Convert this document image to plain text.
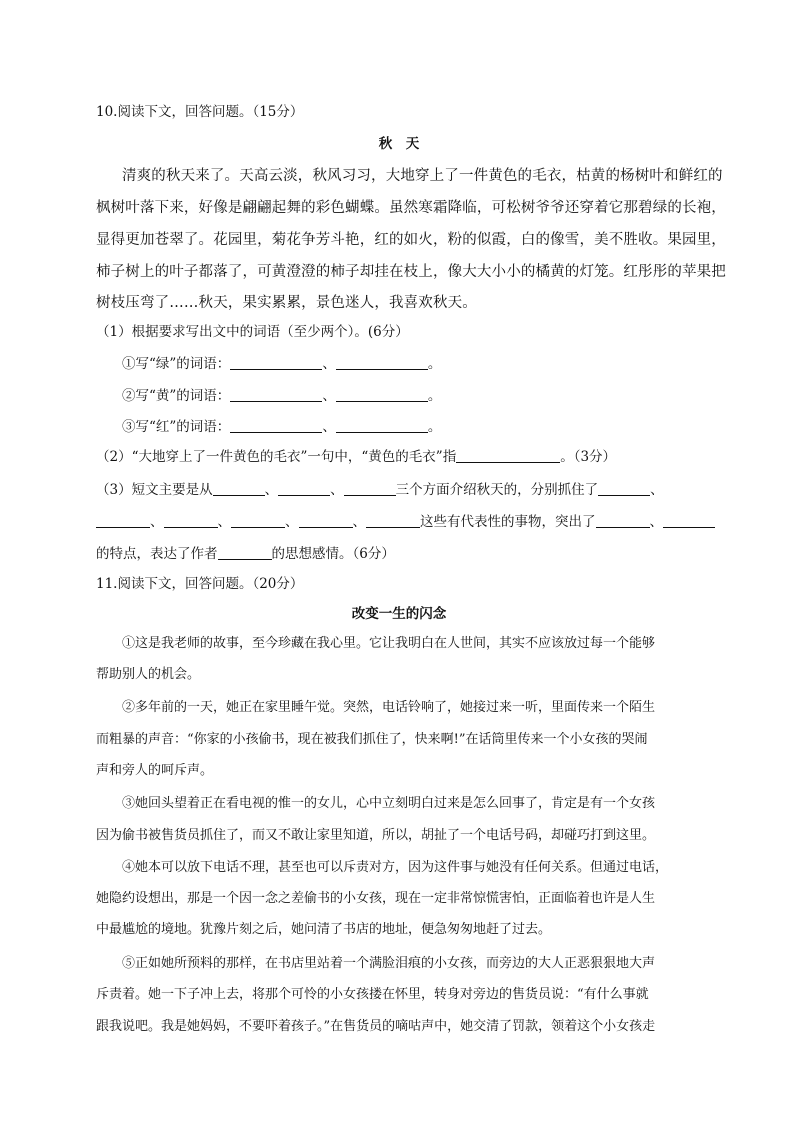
10.阅读下文，回答问题。（15分）
秋　天
清爽的秋天来了。天高云淡，秋风习习，大地穿上了一件黄色的毛衣，枯黄的杨树叶和鲜红的
枫树叶落下来，好像是翩翩起舞的彩色蝴蝶。虽然寒霜降临，可松树爷爷还穿着它那碧绿的长袍，
显得更加苍翠了。花园里，菊花争芳斗艳，红的如火，粉的似霞，白的像雪，美不胜收。果园里，
柿子树上的叶子都落了，可黄澄澄的柿子却挂在枝上，像大大小小的橘黄的灯笼。红彤彤的苹果把
树枝压弯了……秋天，果实累累，景色迷人，我喜欢秋天。
（1）根据要求写出文中的词语（至少两个）。(6分）
①写“绿”的词语：	、	。
②写“黄”的词语：	、	。
③写“红”的词语：	、	。
（2）“大地穿上了一件黄色的毛衣”一句中，“黄色的毛衣”指	。（3分）
（3）短文主要是从	、	、	三个方面介绍秋天的，分别抓住了	、
、	、	、	、	这些有代表性的事物，突出了	、
的特点，表达了作者	的思想感情。（6分）
11.阅读下文，回答问题。（20分）
改变一生的闪念
①这是我老师的故事，至今珍藏在我心里。它让我明白在人世间，其实不应该放过每一个能够
帮助别人的机会。
②多年前的一天，她正在家里睡午觉。突然，电话铃响了，她接过来一听，里面传来一个陌生
而粗暴的声音：“你家的小孩偷书，现在被我们抓住了，快来啊!”在话筒里传来一个小女孩的哭闹
声和旁人的呵斥声。
③她回头望着正在看电视的惟一的女儿，心中立刻明白过来是怎么回事了，肯定是有一个女孩
因为偷书被售货员抓住了，而又不敢让家里知道，所以，胡扯了一个电话号码，却碰巧打到这里。
④她本可以放下电话不理，甚至也可以斥责对方，因为这件事与她没有任何关系。但通过电话，
她隐约设想出，那是一个因一念之差偷书的小女孩，现在一定非常惊慌害怕，正面临着也许是人生
中最尴尬的境地。犹豫片刻之后，她问清了书店的地址，便急匆匆地赶了过去。
⑤正如她所预料的那样，在书店里站着一个满脸泪痕的小女孩，而旁边的大人正恶狠狠地大声
斥责着。她一下子冲上去，将那个可怜的小女孩搂在怀里，转身对旁边的售货员说：“有什么事就
跟我说吧。我是她妈妈，不要吓着孩子。”在售货员的嘀咕声中，她交清了罚款，领着这个小女孩走
